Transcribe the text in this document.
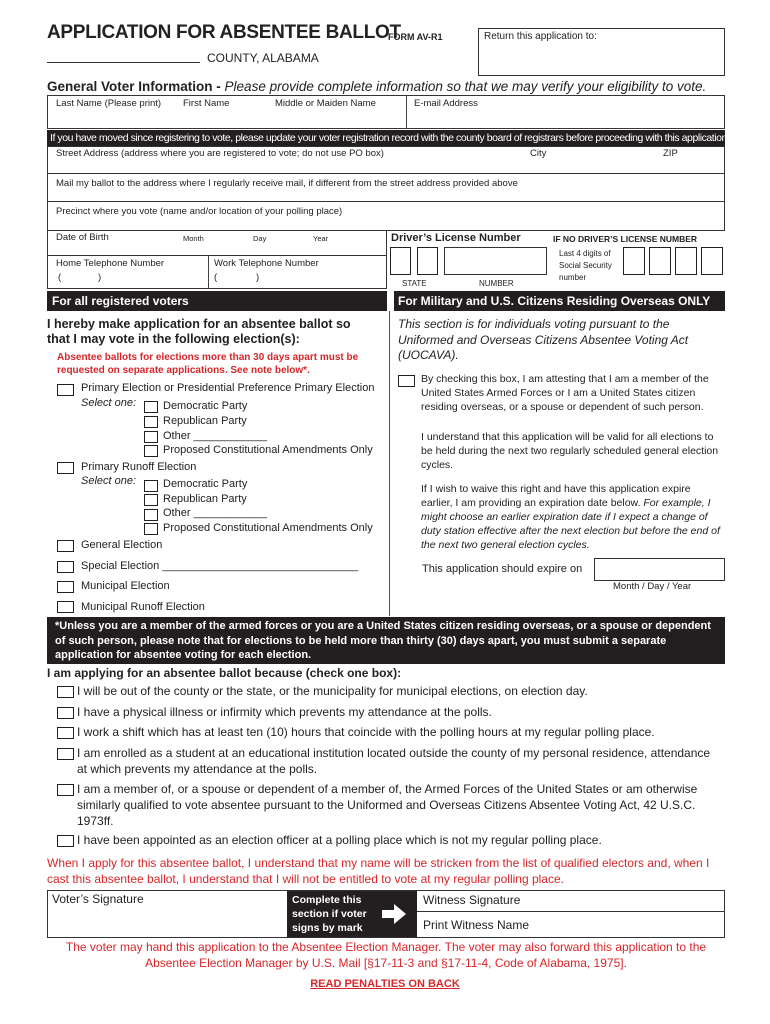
APPLICATION FOR ABSENTEE BALLOT
FORM AV-R1	Return this application to:
COUNTY, ALABAMA
General Voter Information - Please provide complete information so that we may verify your eligibility to vote.
Last Name (Please print) First Name	Middle or Maiden Name	E-mail Address
If you have moved since registering to vote, please update your voter registration record with the county board of registrars before proceeding with this application.
Street Address (address where you are registered to vote; do not use PO box)	City	ZIP
Mail my ballot to the address where I regularly receive mail, if different from the street address provided above
Precinct where you vote (name and/or location of your polling place)
Date of Birth	Month	Day	Year
Home Telephone Number
(	)
Work Telephone Number
(	)
Driver’s License Number	IF NO DRIVER’S LICENSE NUMBER
Last 4 digits of Social Security number
STATE	NUMBER
For all registered voters	For Military and U.S. Citizens Residing Overseas ONLY
I hereby make application for an absentee ballot so that I may vote in the following election(s):
Absentee ballots for elections more than 30 days apart must be requested on separate applications. See note below*.
Primary Election or Presidential Preference Primary Election
Select one: Democratic Party
Republican Party
Other ____________
Proposed Constitutional Amendments Only
Primary Runoff Election
Select one: Democratic Party
Republican Party
Other ____________
Proposed Constitutional Amendments Only
General Election
Special Election ________________________________
Municipal Election
Municipal Runoff Election
This section is for individuals voting pursuant to the Uniformed and Overseas Citizens Absentee Voting Act (UOCAVA).
By checking this box, I am attesting that I am a member of the United States Armed Forces or I am a United States citizen residing overseas, or a spouse or dependent of such person.
I understand that this application will be valid for all elections to be held during the next two regularly scheduled general election cycles.
If I wish to waive this right and have this application expire earlier, I am providing an expiration date below. For example, I might choose an earlier expiration date if I expect a change of duty station effective after the next election but before the end of the next two general election cycles.
This application should expire on
Month / Day / Year
*Unless you are a member of the armed forces or you are a United States citizen residing overseas, or a spouse or dependent of such person, please note that for elections to be held more than thirty (30) days apart, you must submit a separate application for absentee voting for each election.
I am applying for an absentee ballot because (check one box):
I will be out of the county or the state, or the municipality for municipal elections, on election day.
I have a physical illness or infirmity which prevents my attendance at the polls.
I work a shift which has at least ten (10) hours that coincide with the polling hours at my regular polling place.
I am enrolled as a student at an educational institution located outside the county of my personal residence, attendance at which prevents my attendance at the polls.
I am a member of, or a spouse or dependent of a member of, the Armed Forces of the United States or am otherwise similarly qualified to vote absentee pursuant to the Uniformed and Overseas Citizens Absentee Voting Act, 42 U.S.C. 1973ff.
I have been appointed as an election officer at a polling place which is not my regular polling place.
When I apply for this absentee ballot, I understand that my name will be stricken from the list of qualified electors and, when I cast this absentee ballot, I understand that I will not be entitled to vote at my regular polling place.
Voter’s Signature	Complete this section if voter signs by mark
Witness Signature
Print Witness Name
The voter may hand this application to the Absentee Election Manager. The voter may also forward this application to the Absentee Election Manager by U.S. Mail [§17-11-3 and §17-11-4, Code of Alabama, 1975].
READ PENALTIES ON BACK
